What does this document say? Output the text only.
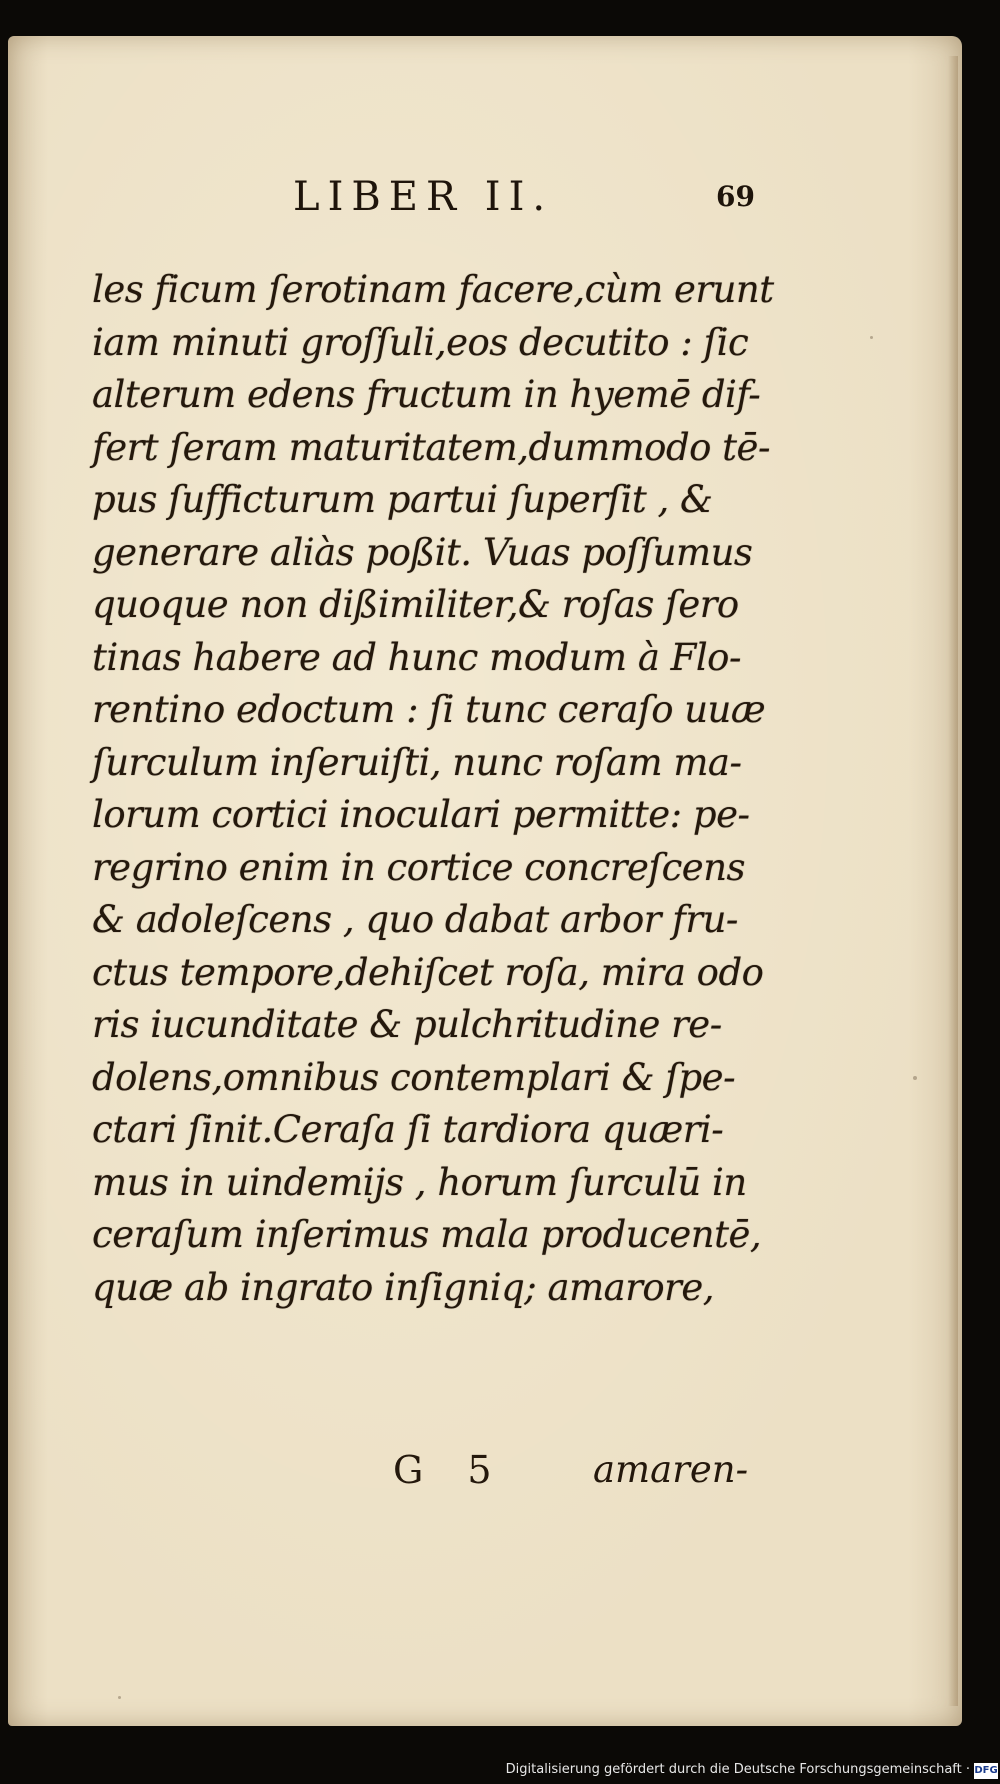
LIBER II.	69
les ficum ſerotinam facere,cùm erunt
iam minuti groſſuli,eos decutito : ſic
alterum edens fructum in hyemē dif-
fert ſeram maturitatem,dummodo tē-
pus ſufficturum partui ſuperſit , &
generare aliàs poßit. Vuas poſſumus
quoque non dißimiliter,& roſas ſero
tinas habere ad hunc modum à Flo-
rentino edoctum : ſi tunc ceraſo uuæ
ſurculum inſeruiſti, nunc roſam ma-
lorum cortici inoculari permitte: pe-
regrino enim in cortice concreſcens
& adoleſcens , quo dabat arbor fru-
ctus tempore,dehiſcet roſa, mira odo
ris iucunditate & pulchritudine re-
dolens,omnibus contemplari & ſpe-
ctari ſinit.Ceraſa ſi tardiora quæri-
mus in uindemijs , horum ſurculū in
ceraſum inſerimus mala producentē,
quæ ab ingrato inſigniq; amarore,
G 5 amaren-
Digitalisierung gefördert durch die Deutsche Forschungsgemeinschaft · DFG
